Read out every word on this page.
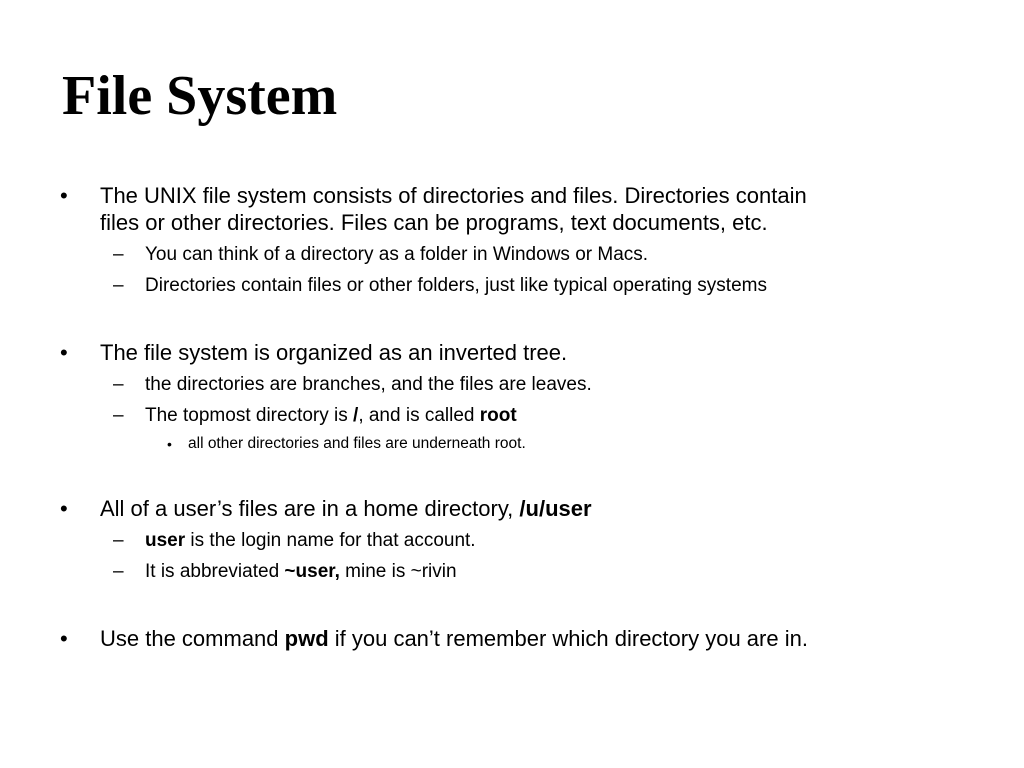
File System
• The UNIX file system consists of directories and files. Directories contain
files or other directories. Files can be programs, text documents, etc.
– You can think of a directory as a folder in Windows or Macs.
– Directories contain files or other folders, just like typical operating systems
• The file system is organized as an inverted tree.
– the directories are branches, and the files are leaves.
– The topmost directory is /, and is called root
• all other directories and files are underneath root.
• All of a user’s files are in a home directory, /u/user
– user is the login name for that account.
– It is abbreviated ~user, mine is ~rivin
• Use the command pwd if you can’t remember which directory you are in.
